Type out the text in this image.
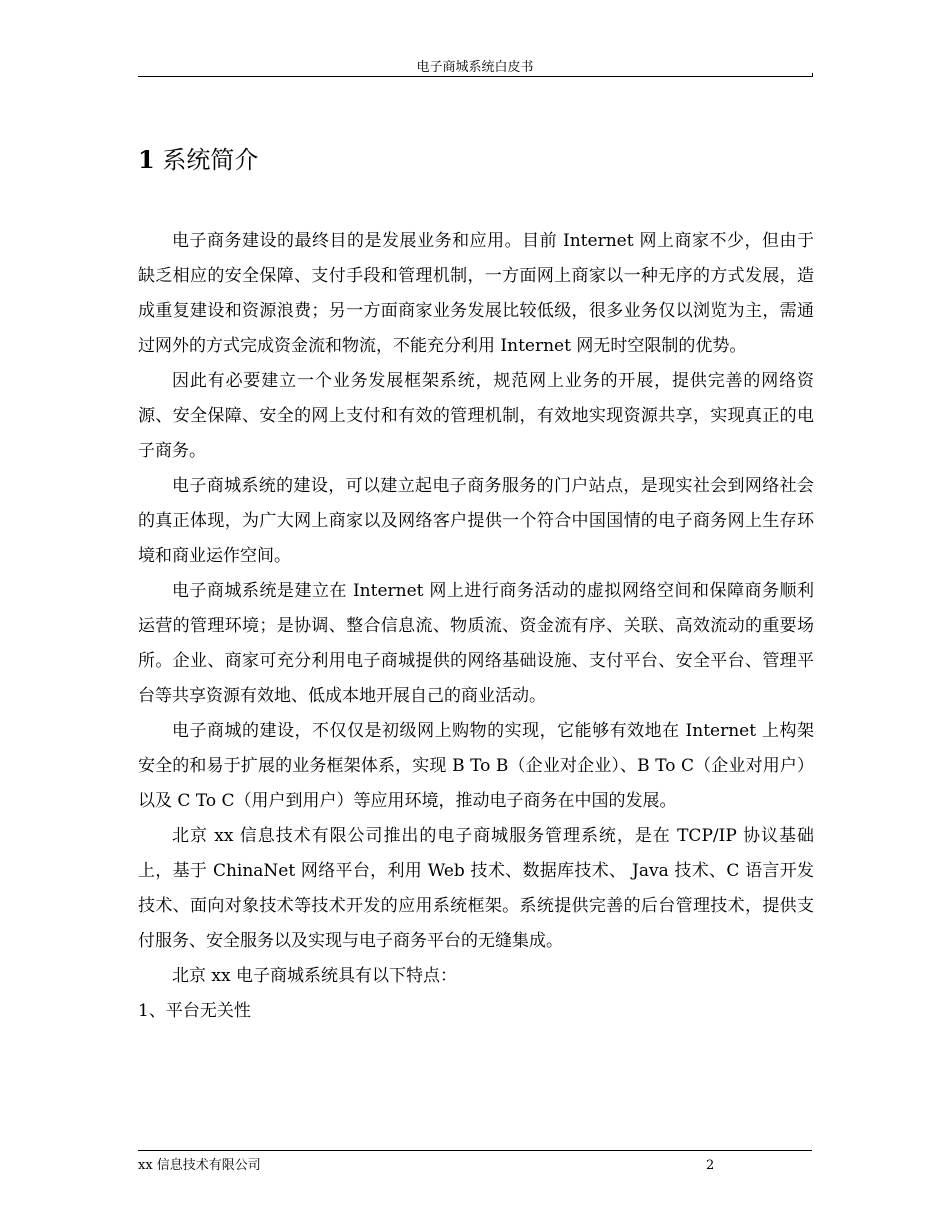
电子商城系统白皮书
1 系统简介

电子商务建设的最终目的是发展业务和应用。目前 Internet 网上商家不少，但由于缺乏相应的安全保障、支付手段和管理机制，一方面网上商家以一种无序的方式发展，造成重复建设和资源浪费；另一方面商家业务发展比较低级，很多业务仅以浏览为主，需通过网外的方式完成资金流和物流，不能充分利用 Internet 网无时空限制的优势。

因此有必要建立一个业务发展框架系统，规范网上业务的开展，提供完善的网络资源、安全保障、安全的网上支付和有效的管理机制，有效地实现资源共享，实现真正的电子商务。

电子商城系统的建设，可以建立起电子商务服务的门户站点，是现实社会到网络社会的真正体现，为广大网上商家以及网络客户提供一个符合中国国情的电子商务网上生存环境和商业运作空间。

电子商城系统是建立在 Internet 网上进行商务活动的虚拟网络空间和保障商务顺利运营的管理环境；是协调、整合信息流、物质流、资金流有序、关联、高效流动的重要场所。企业、商家可充分利用电子商城提供的网络基础设施、支付平台、安全平台、管理平台等共享资源有效地、低成本地开展自己的商业活动。

电子商城的建设，不仅仅是初级网上购物的实现，它能够有效地在 Internet 上构架安全的和易于扩展的业务框架体系，实现 B To B（企业对企业）、B To C（企业对用户）以及 C To C（用户到用户）等应用环境，推动电子商务在中国的发展。

北京 xx 信息技术有限公司推出的电子商城服务管理系统，是在 TCP/IP 协议基础上，基于 ChinaNet 网络平台，利用 Web 技术、数据库技术、 Java 技术、C 语言开发技术、面向对象技术等技术开发的应用系统框架。系统提供完善的后台管理技术，提供支付服务、安全服务以及实现与电子商务平台的无缝集成。

北京 xx 电子商城系统具有以下特点：

1、平台无关性

xx 信息技术有限公司	2
